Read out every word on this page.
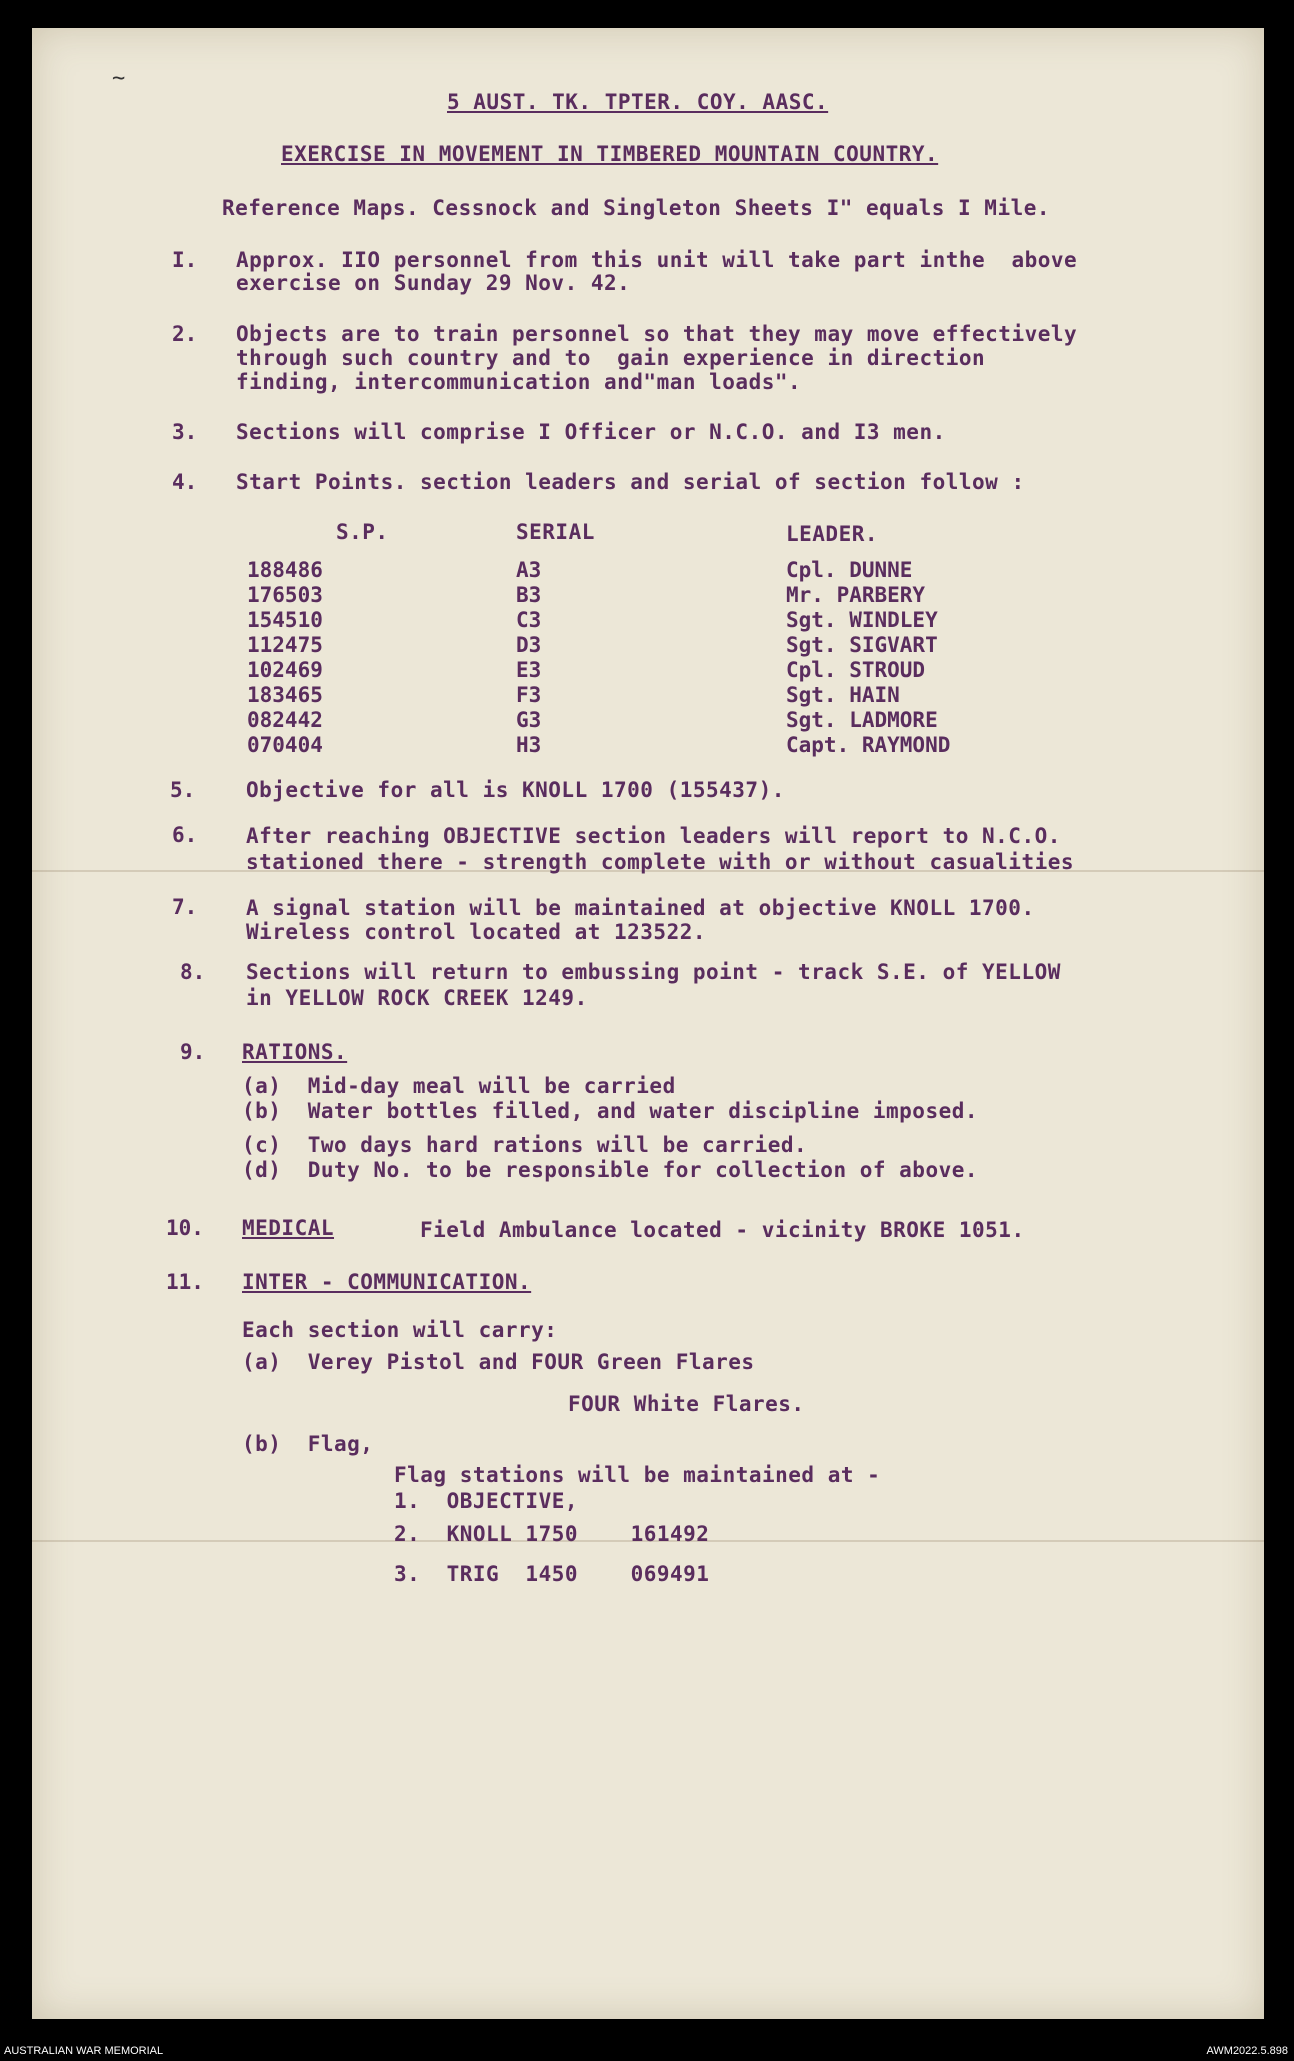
~
5 AUST. TK. TPTER. COY. AASC.
EXERCISE IN MOVEMENT IN TIMBERED MOUNTAIN COUNTRY.
Reference Maps. Cessnock and Singleton Sheets I" equals I Mile.
I. Approx. IIO personnel from this unit will take part inthe  above
exercise on Sunday 29 Nov. 42.
2. Objects are to train personnel so that they may move effectively
through such country and to  gain experience in direction
finding, intercommunication and"man loads".
3. Sections will comprise I Officer or N.C.O. and I3 men.
4. Start Points. section leaders and serial of section follow :
S.P.	SERIAL	LEADER.
188486	A3	Cpl. DUNNE
176503	B3	Mr. PARBERY
154510	C3	Sgt. WINDLEY
112475	D3	Sgt. SIGVART
102469	E3	Cpl. STROUD
183465	F3	Sgt. HAIN
082442	G3	Sgt. LADMORE
070404	H3	Capt. RAYMOND
5. Objective for all is KNOLL 1700 (155437).
6. After reaching OBJECTIVE section leaders will report to N.C.O.
stationed there - strength complete with or without casualities
7. A signal station will be maintained at objective KNOLL 1700.
Wireless control located at 123522.
8. Sections will return to embussing point - track S.E. of YELLOW
in YELLOW ROCK CREEK 1249.
9. RATIONS.
(a)  Mid-day meal will be carried
(b)  Water bottles filled, and water discipline imposed.
(c)  Two days hard rations will be carried.
(d)  Duty No. to be responsible for collection of above.
10. MEDICAL	Field Ambulance located - vicinity BROKE 1051.
11. INTER - COMMUNICATION.
Each section will carry:
(a)  Verey Pistol and FOUR Green Flares
FOUR White Flares.
(b)  Flag,
Flag stations will be maintained at -
1.  OBJECTIVE,
2.  KNOLL 1750    161492
3.  TRIG  1450    069491
AUSTRALIAN WAR MEMORIAL	AWM2022.5.898
